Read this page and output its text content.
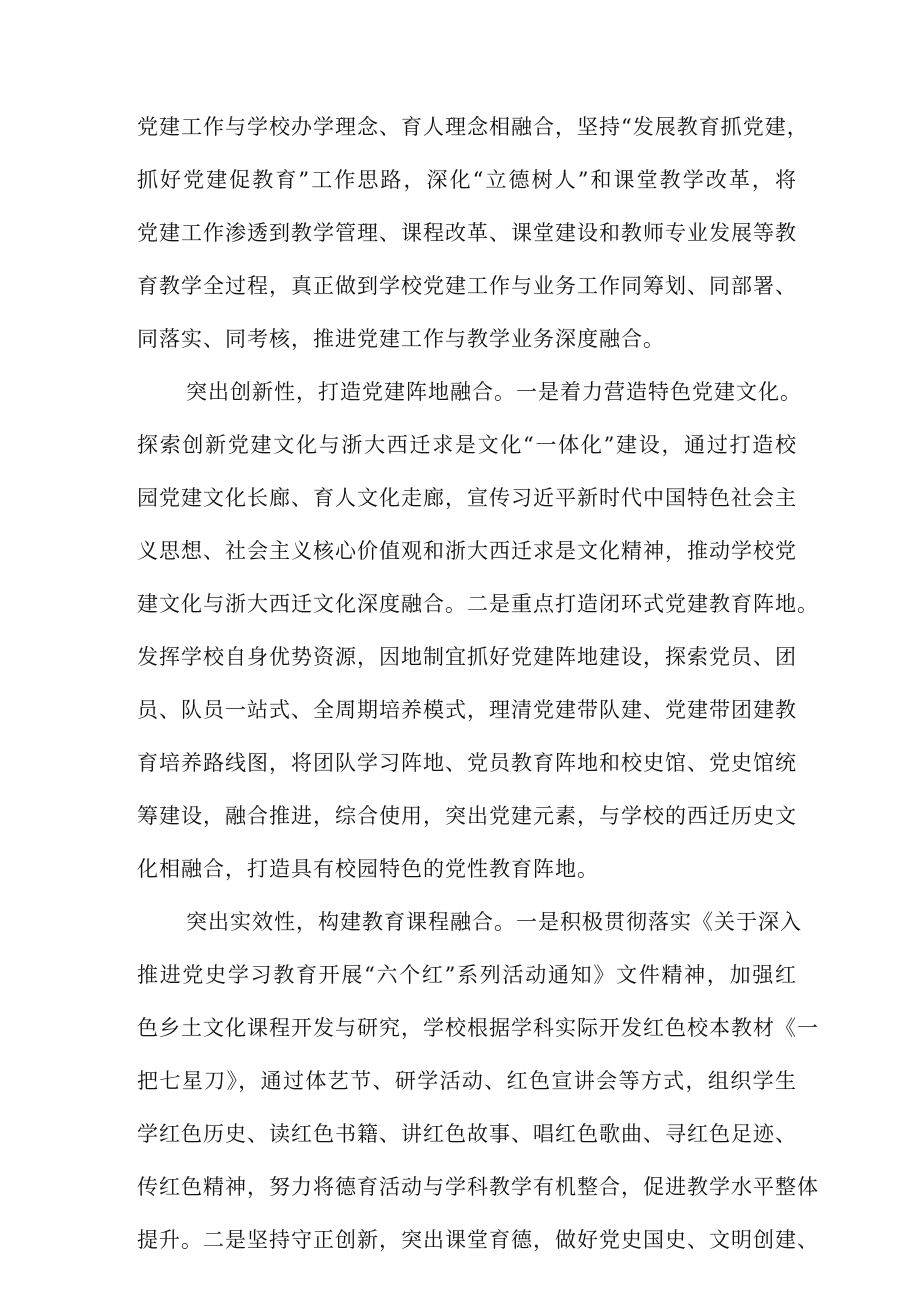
党建工作与学校办学理念、育人理念相融合，坚持“发展教育抓党建，
抓好党建促教育”工作思路，深化“立德树人”和课堂教学改革，将
党建工作渗透到教学管理、课程改革、课堂建设和教师专业发展等教
育教学全过程，真正做到学校党建工作与业务工作同筹划、同部署、
同落实、同考核，推进党建工作与教学业务深度融合。
突出创新性，打造党建阵地融合。一是着力营造特色党建文化。
探索创新党建文化与浙大西迁求是文化“一体化”建设，通过打造校
园党建文化长廊、育人文化走廊，宣传习近平新时代中国特色社会主
义思想、社会主义核心价值观和浙大西迁求是文化精神，推动学校党
建文化与浙大西迁文化深度融合。二是重点打造闭环式党建教育阵地。
发挥学校自身优势资源，因地制宜抓好党建阵地建设，探索党员、团
员、队员一站式、全周期培养模式，理清党建带队建、党建带团建教
育培养路线图，将团队学习阵地、党员教育阵地和校史馆、党史馆统
筹建设，融合推进，综合使用，突出党建元素，与学校的西迁历史文
化相融合，打造具有校园特色的党性教育阵地。
突出实效性，构建教育课程融合。一是积极贯彻落实《关于深入
推进党史学习教育开展“六个红”系列活动通知》文件精神，加强红
色乡土文化课程开发与研究，学校根据学科实际开发红色校本教材《一
把七星刀》，通过体艺节、研学活动、红色宣讲会等方式，组织学生
学红色历史、读红色书籍、讲红色故事、唱红色歌曲、寻红色足迹、
传红色精神，努力将德育活动与学科教学有机整合，促进教学水平整体
提升。二是坚持守正创新，突出课堂育德，做好党史国史、文明创建、
